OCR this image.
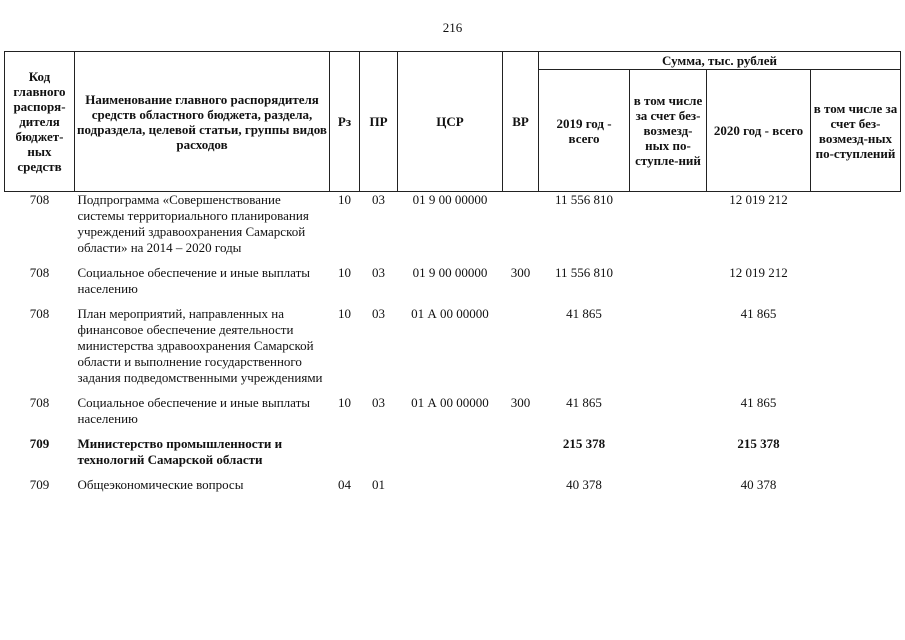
216
Код главного распоря-дителя бюджет-ных средств	Наименование главного распорядителя средств областного бюджета, раздела, подраздела, целевой статьи, группы видов расходов	Рз	ПР	ЦСР	ВР	Сумма, тыс. рублей			
						2019 год - всего	в том числе за счет без-возмезд-ных по-ступле-ний	2020 год - всего	в том числе за счет без-возмезд-ных по-ступлений
708	Подпрограмма «Совершенствование системы территориального планирования учреждений здравоохранения Самарской области» на 2014 – 2020 годы	10	03	01 9 00 00000		11 556 810		12 019 212	

708	Социальное обеспечение и иные выплаты населению	10	03	01 9 00 00000	300	11 556 810		12 019 212	

708	План мероприятий, направленных на финансовое обеспечение деятельности министерства здравоохранения Самарской области и выполнение государственного задания подведомственными учреждениями	10	03	01 А 00 00000		41 865		41 865	

708	Социальное обеспечение и иные выплаты населению	10	03	01 А 00 00000	300	41 865		41 865	

709	Министерство промышленности и технологий Самарской области					215 378		215 378	

709	Общеэкономические вопросы	04	01			40 378		40 378	
